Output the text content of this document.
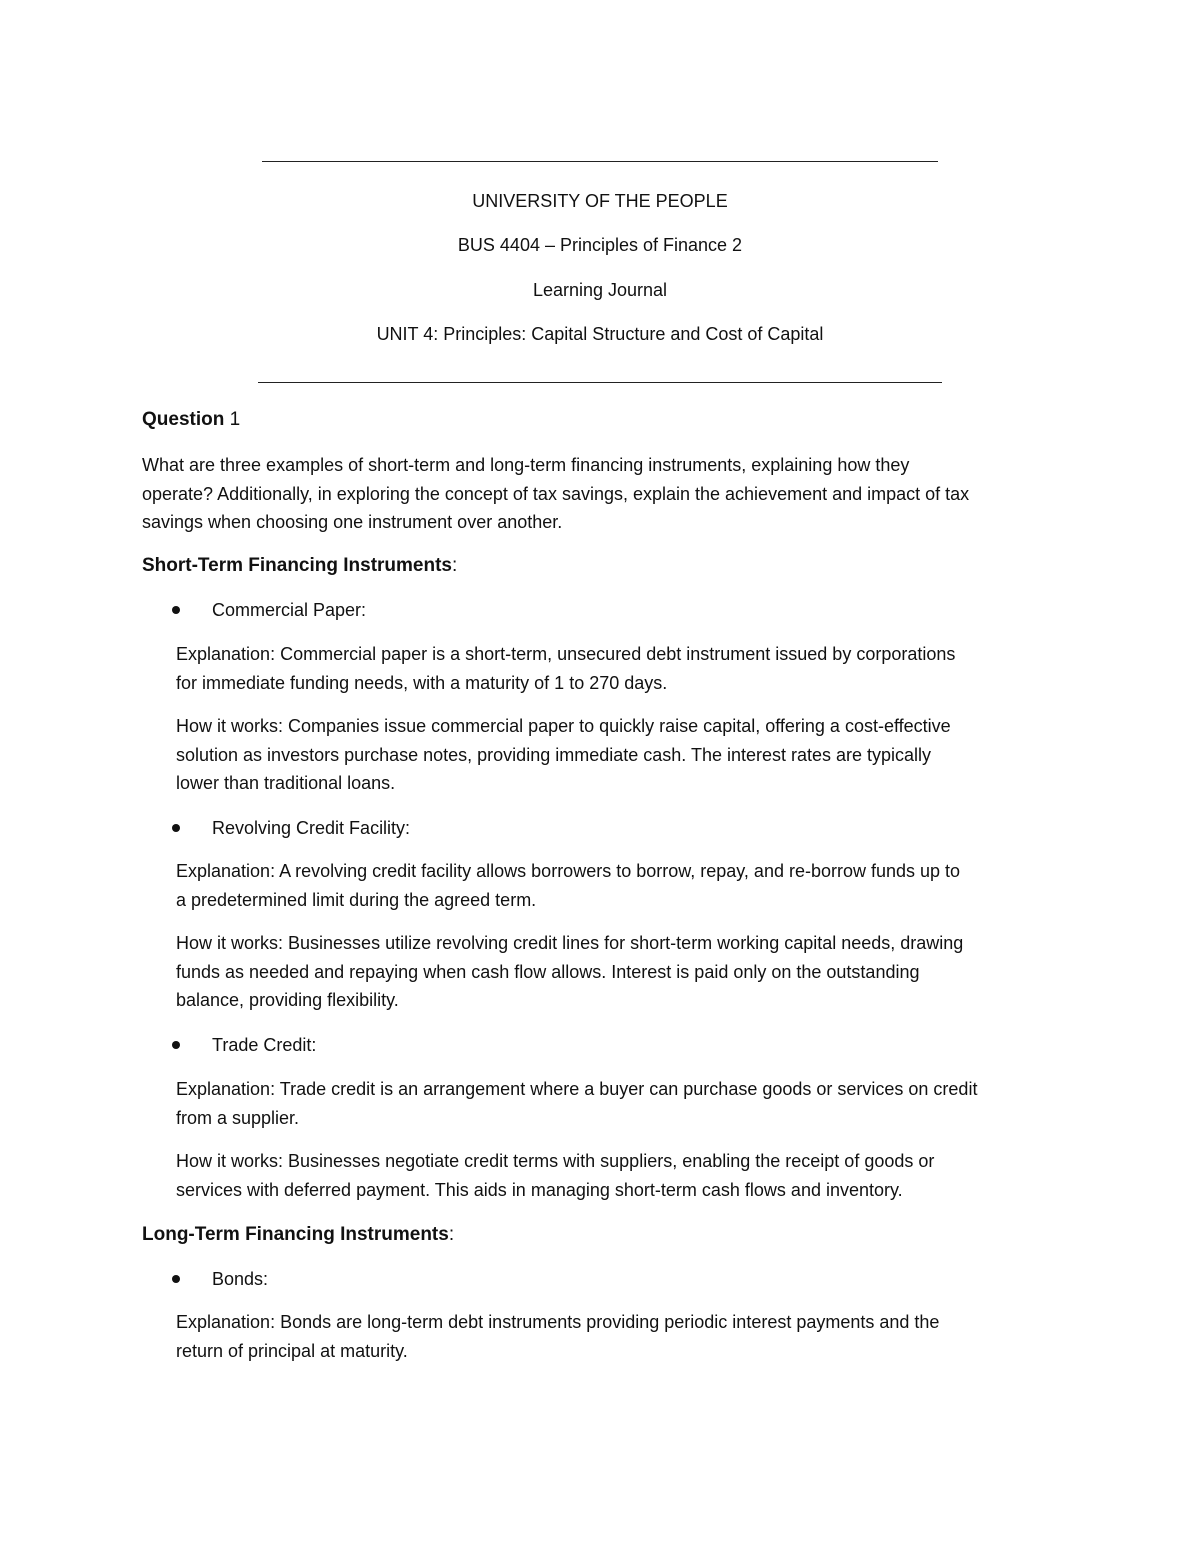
UNIVERSITY OF THE PEOPLE
BUS 4404 – Principles of Finance 2
Learning Journal
UNIT 4: Principles: Capital Structure and Cost of Capital
Question 1
What are three examples of short-term and long-term financing instruments, explaining how they
operate? Additionally, in exploring the concept of tax savings, explain the achievement and impact of tax
savings when choosing one instrument over another.
Short-Term Financing Instruments:
Commercial Paper:
Explanation: Commercial paper is a short-term, unsecured debt instrument issued by corporations
for immediate funding needs, with a maturity of 1 to 270 days.
How it works: Companies issue commercial paper to quickly raise capital, offering a cost-effective
solution as investors purchase notes, providing immediate cash. The interest rates are typically
lower than traditional loans.
Revolving Credit Facility:
Explanation: A revolving credit facility allows borrowers to borrow, repay, and re-borrow funds up to
a predetermined limit during the agreed term.
How it works: Businesses utilize revolving credit lines for short-term working capital needs, drawing
funds as needed and repaying when cash flow allows. Interest is paid only on the outstanding
balance, providing flexibility.
Trade Credit:
Explanation: Trade credit is an arrangement where a buyer can purchase goods or services on credit
from a supplier.
How it works: Businesses negotiate credit terms with suppliers, enabling the receipt of goods or
services with deferred payment. This aids in managing short-term cash flows and inventory.
Long-Term Financing Instruments:
Bonds:
Explanation: Bonds are long-term debt instruments providing periodic interest payments and the
return of principal at maturity.
